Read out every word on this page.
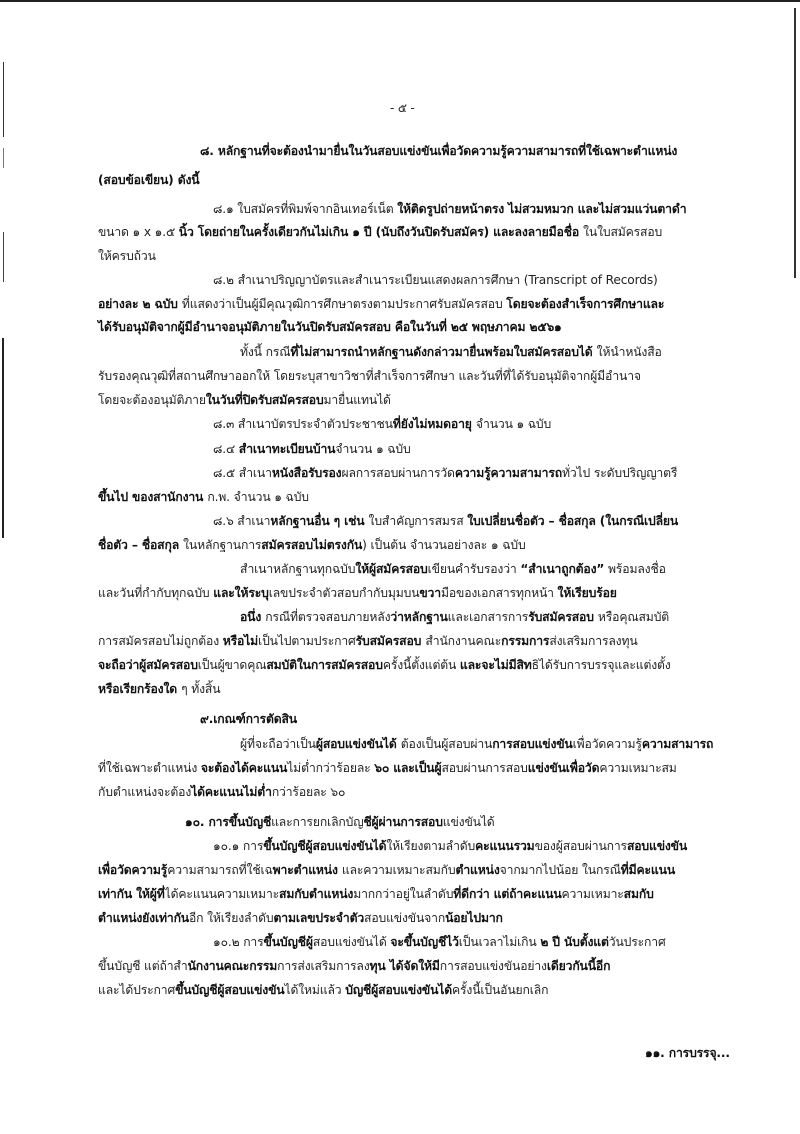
- ๕ -
๘. หลักฐานที่จะต้องนำมายื่นในวันสอบแข่งขันเพื่อวัดความรู้ความสามารถที่ใช้เฉพาะตำแหน่ง
(สอบข้อเขียน) ดังนี้
๘.๑ ใบสมัครที่พิมพ์จากอินเทอร์เน็ต ให้ติดรูปถ่ายหน้าตรง ไม่สวมหมวก และไม่สวมแว่นตาดำ
ขนาด ๑ x ๑.๕ นิ้ว โดยถ่ายในครั้งเดียวกันไม่เกิน ๑ ปี (นับถึงวันปิดรับสมัคร) และลงลายมือชื่อ ในใบสมัครสอบ
ให้ครบถ้วน
๘.๒ สำเนาปริญญาบัตรและสำเนาระเบียนแสดงผลการศึกษา (Transcript of Records)
อย่างละ ๒ ฉบับ ที่แสดงว่าเป็นผู้มีคุณวุฒิการศึกษาตรงตามประกาศรับสมัครสอบ โดยจะต้องสำเร็จการศึกษาและ
ได้รับอนุมัติจากผู้มีอำนาจอนุมัติภายในวันปิดรับสมัครสอบ คือในวันที่ ๒๕ พฤษภาคม ๒๕๖๑
ทั้งนี้ กรณีที่ไม่สามารถนำหลักฐานดังกล่าวมายื่นพร้อมใบสมัครสอบได้ ให้นำหนังสือ
รับรองคุณวุฒิที่สถานศึกษาออกให้ โดยระบุสาขาวิชาที่สำเร็จการศึกษา และวันที่ที่ได้รับอนุมัติจากผู้มีอำนาจ
โดยจะต้องอนุมัติภายในวันที่ปิดรับสมัครสอบมายื่นแทนได้
๘.๓ สำเนาบัตรประจำตัวประชาชนที่ยังไม่หมดอายุ จำนวน ๑ ฉบับ
๘.๔ สำเนาทะเบียนบ้านจำนวน ๑ ฉบับ
๘.๕ สำเนาหนังสือรับรองผลการสอบผ่านการวัดความรู้ความสามารถทั่วไป ระดับปริญญาตรี
ขึ้นไป ของสานักงาน ก.พ. จำนวน ๑ ฉบับ
๘.๖ สำเนาหลักฐานอื่น ๆ เช่น ใบสำคัญการสมรส ใบเปลี่ยนชื่อตัว – ชื่อสกุล (ในกรณีเปลี่ยน
ชื่อตัว – ชื่อสกุล ในหลักฐานการสมัครสอบไม่ตรงกัน) เป็นต้น จำนวนอย่างละ ๑ ฉบับ
สำเนาหลักฐานทุกฉบับให้ผู้สมัครสอบเขียนคำรับรองว่า “สำเนาถูกต้อง” พร้อมลงชื่อ
และวันที่กำกับทุกฉบับ และให้ระบุเลขประจำตัวสอบกำกับมุมบนขวามือของเอกสารทุกหน้า ให้เรียบร้อย
อนึ่ง กรณีที่ตรวจสอบภายหลังว่าหลักฐานและเอกสารการรับสมัครสอบ หรือคุณสมบัติ
การสมัครสอบไม่ถูกต้อง หรือไม่เป็นไปตามประกาศรับสมัครสอบ สำนักงานคณะกรรมการส่งเสริมการลงทุน
จะถือว่าผู้สมัครสอบเป็นผู้ขาดคุณสมบัติในการสมัครสอบครั้งนี้ตั้งแต่ต้น และจะไม่มีสิทธิได้รับการบรรจุและแต่งตั้ง
หรือเรียกร้องใด ๆ ทั้งสิ้น
๙.เกณฑ์การตัดสิน
ผู้ที่จะถือว่าเป็นผู้สอบแข่งขันได้ ต้องเป็นผู้สอบผ่านการสอบแข่งขันเพื่อวัดความรู้ความสามารถ
ที่ใช้เฉพาะตำแหน่ง จะต้องได้คะแนนไม่ต่ำกว่าร้อยละ ๖๐ และเป็นผู้สอบผ่านการสอบแข่งขันเพื่อวัดความเหมาะสม
กับตำแหน่งจะต้องได้คะแนนไม่ต่ำกว่าร้อยละ ๖๐
๑๐. การขึ้นบัญชีและการยกเลิกบัญชีผู้ผ่านการสอบแข่งขันได้
๑๐.๑ การขึ้นบัญชีผู้สอบแข่งขันได้ให้เรียงตามลำดับคะแนนรวมของผู้สอบผ่านการสอบแข่งขัน
เพื่อวัดความรู้ความสามารถที่ใช้เฉพาะตำแหน่ง และความเหมาะสมกับตำแหน่งจากมากไปน้อย ในกรณีที่มีคะแนน
เท่ากัน ให้ผู้ที่ได้คะแนนความเหมาะสมกับตำแหน่งมากกว่าอยู่ในลำดับที่ดีกว่า แต่ถ้าคะแนนความเหมาะสมกับ
ตำแหน่งยังเท่ากันอีก ให้เรียงลำดับตามเลขประจำตัวสอบแข่งขันจากน้อยไปมาก
๑๐.๒ การขึ้นบัญชีผู้สอบแข่งขันได้ จะขึ้นบัญชีไว้เป็นเวลาไม่เกิน ๒ ปี นับตั้งแต่วันประกาศ
ขึ้นบัญชี แต่ถ้าสำนักงานคณะกรรมการส่งเสริมการลงทุน ได้จัดให้มีการสอบแข่งขันอย่างเดียวกันนี้อีก
และได้ประกาศขึ้นบัญชีผู้สอบแข่งขันได้ใหม่แล้ว บัญชีผู้สอบแข่งขันได้ครั้งนี้เป็นอันยกเลิก
๑๑. การบรรจุ...
